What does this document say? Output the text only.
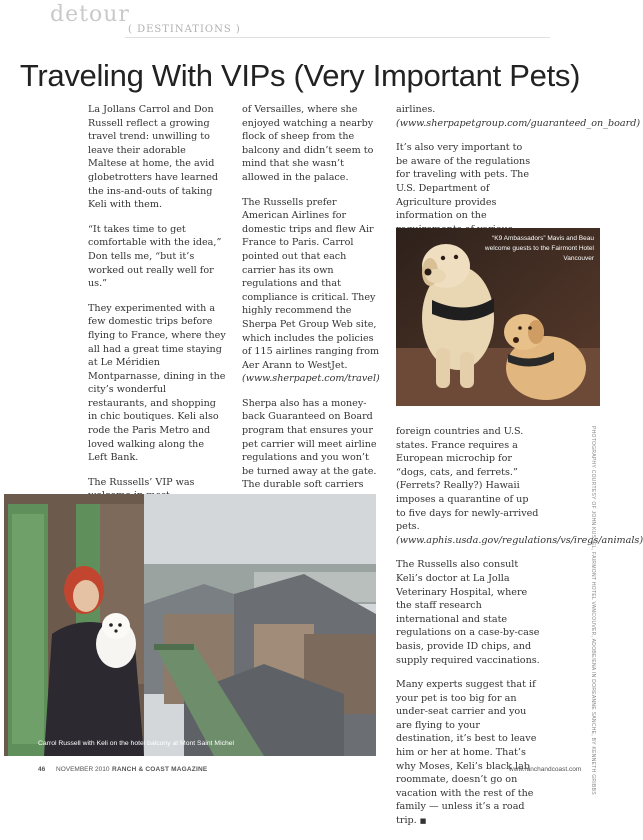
detour
( DESTINATIONS )
Traveling With VIPs (Very Important Pets)

La Jollans Carrol and Don Russell reflect a growing travel trend: unwilling to leave their adorable Maltese at home, the avid globetrotters have learned the ins-and-outs of taking Keli with them.

“It takes time to get comfortable with the idea,” Don tells me, “but it’s worked out really well for us.”

They experimented with a few domestic trips before flying to France, where they all had a great time staying at Le Méridien Montparnasse, dining in the city’s wonderful restaurants, and shopping in chic boutiques. Keli also rode the Paris Metro and loved walking along the Left Bank.

The Russells’ VIP was

of Versailles, where she enjoyed watching a nearby flock of sheep from the balcony and didn’t seem to mind that she wasn’t allowed in the palace.

The Russells prefer American Airlines for domestic trips and flew Air France to Paris. Carrol pointed out that each carrier has its own regulations and that compliance is critical. They highly recommend the Sherpa Pet Group Web site, which includes the policies of 115 airlines ranging from Aer Arann to WestJet.

(www.sherpapet.com/travel)

Sherpa also has a money-back Guaranteed on Board program that ensures your pet carrier will meet airline regulations and you won’t be turned away at the gate. The durable soft carriers

airlines. (www.sherpapetgroup.com/guaranteed_on_board)

It’s also very important to be aware of the regulations for traveling with pets. The U.S. Department of Agriculture provides information on the

“K9 Ambassadors” Mavis and Beau welcome guests to the Fairmont Hotel Vancouver

foreign countries and U.S. states. France requires a European microchip for “dogs, cats, and ferrets.” (Ferrets? Really?) Hawaii imposes a quarantine of up to five days for newly-arrived pets.

(www.aphis.usda.gov/regulations/vs/iregs/animals)

The Russells also consult Keli’s doctor at La Jolla Veterinary Hospital, where the staff research international and state regulations on a case-by-case basis, provide ID chips, and supply required vaccinations.

Many experts suggest that if your pet is too big for an under-seat carrier and you are flying to your destination, it’s best to leave him or her at home. That’s why Moses, Keli’s black lab roommate, doesn’t go on vacation with the rest of the family — unless it’s a road trip. ■

Carrol Russell with Keli on the hotel balcony at Mont Saint Michel	PHOTOGRAPHY COURTESY OF JOHN KUSSEL, FAIRMONT HOTEL VANCOUVER, ADOBE/ENA IN DOREANNE SANCHE, BY KENNETH GRIBBS
46 NOVEMBER 2010 RANCH & COAST MAGAZINE	www.ranchandcoast.com
